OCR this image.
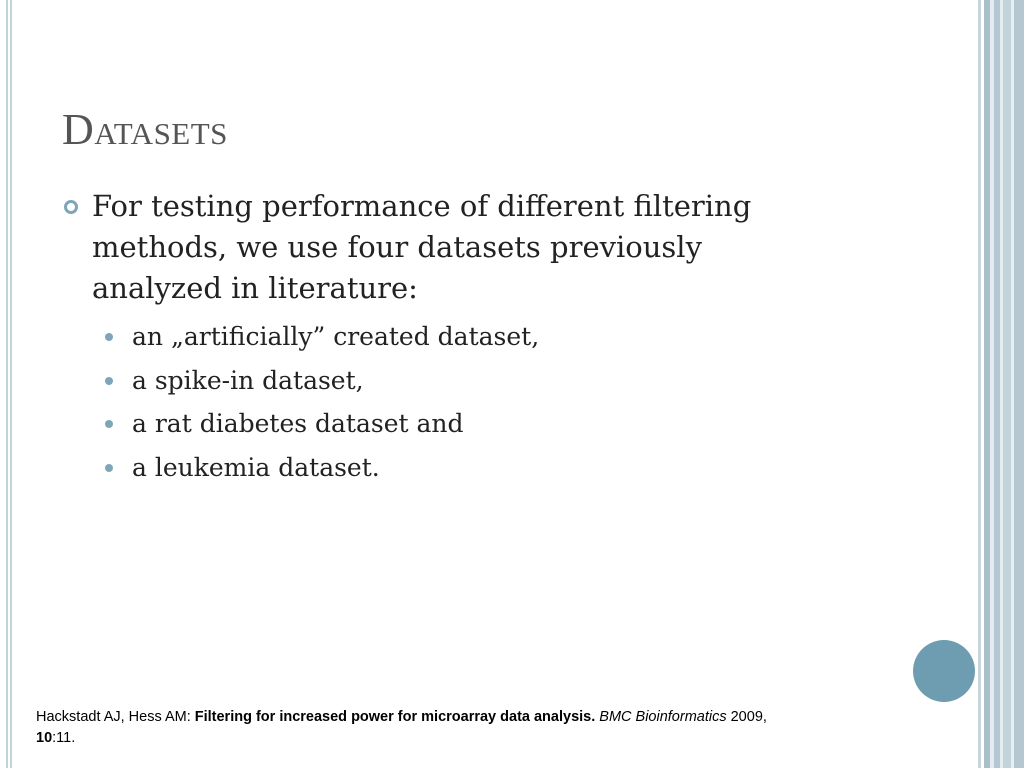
Datasets

For testing performance of different filtering methods, we use four datasets previously analyzed in literature:

an „artificially” created dataset,
a spike-in dataset,
a rat diabetes dataset and
a leukemia dataset.
Hackstadt AJ, Hess AM: Filtering for increased power for microarray data analysis. BMC Bioinformatics 2009,
10:11.
